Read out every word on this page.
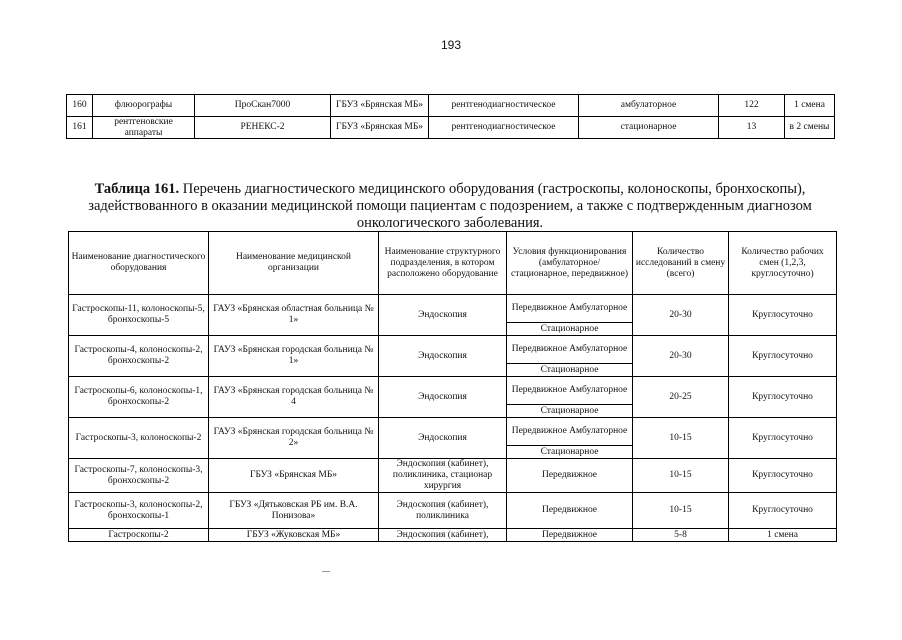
193
160	флюорографы	ПроСкан7000	ГБУЗ «Брянская МБ»	рентгенодиагностическое	амбулаторное	122	1 смена
161	рентгеновские аппараты	РЕНЕКС-2	ГБУЗ «Брянская МБ»	рентгенодиагностическое	стационарное	13	в 2 смены
Таблица 161. Перечень диагностического медицинского оборудования (гастроскопы, колоноскопы, бронхоскопы), задействованного в оказании медицинской помощи пациентам с подозрением, а также с подтвержденным диагнозом онкологического заболевания.
Наименование диагностического оборудования	Наименование медицинской организации	Наименование структурного подразделения, в котором расположено оборудование	Условия функционирования (амбулаторное/ стационарное, передвижное)	Количество исследований в смену (всего)	Количество рабочих смен (1,2,3, круглосуточно)
Гастроскопы-11, колоноскопы-5, бронхоскопы-5	ГАУЗ «Брянская областная больница № 1»	Эндоскопия	Передвижное Амбулаторное	20-30	Круглосуточно
			Стационарное		
Гастроскопы-4, колоноскопы-2, бронхоскопы-2	ГАУЗ «Брянская городская больница № 1»	Эндоскопия	Передвижное Амбулаторное	20-30	Круглосуточно
			Стационарное		
Гастроскопы-6, колоноскопы-1, бронхоскопы-2	ГАУЗ «Брянская городская больница № 4	Эндоскопия	Передвижное Амбулаторное	20-25	Круглосуточно
			Стационарное		
Гастроскопы-3, колоноскопы-2	ГАУЗ «Брянская городская больница № 2»	Эндоскопия	Передвижное Амбулаторное	10-15	Круглосуточно
			Стационарное		
Гастроскопы-7, колоноскопы-3, бронхоскопы-2	ГБУЗ «Брянская МБ»	Эндоскопия (кабинет), поликлиника, стационар хирургия	Передвижное	10-15	Круглосуточно
Гастроскопы-3, колоноскопы-2, бронхоскопы-1	ГБУЗ «Дятьковская РБ им. В.А. Понизова»	Эндоскопия (кабинет), поликлиника	Передвижное	10-15	Круглосуточно
Гастроскопы-2	ГБУЗ «Жуковская МБ»	Эндоскопия (кабинет),	Передвижное	5-8	1 смена
